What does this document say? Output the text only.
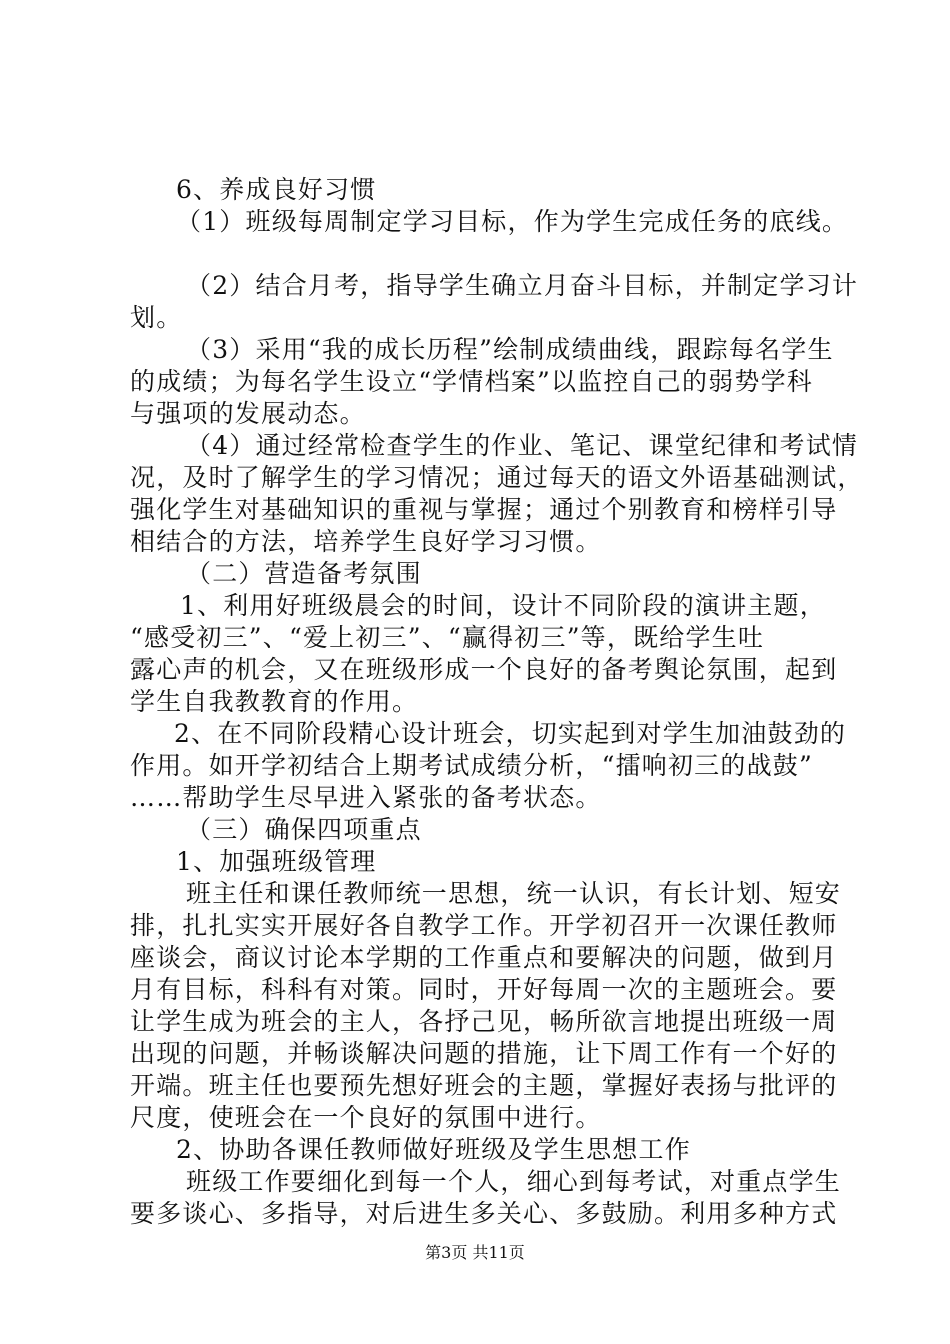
6、养成良好习惯
（1）班级每周制定学习目标，作为学生完成任务的底线。
（2）结合月考，指导学生确立月奋斗目标，并制定学习计
划。
（3）采用“我的成长历程”绘制成绩曲线，跟踪每名学生
的成绩；为每名学生设立“学情档案”以监控自己的弱势学科
与强项的发展动态。
（4）通过经常检查学生的作业、笔记、课堂纪律和考试情
况，及时了解学生的学习情况；通过每天的语文外语基础测试，
强化学生对基础知识的重视与掌握；通过个别教育和榜样引导
相结合的方法，培养学生良好学习习惯。
（二）营造备考氛围
1、利用好班级晨会的时间，设计不同阶段的演讲主题，
“感受初三”、“爱上初三”、“赢得初三”等，既给学生吐
露心声的机会，又在班级形成一个良好的备考舆论氛围，起到
学生自我教教育的作用。
2、在不同阶段精心设计班会，切实起到对学生加油鼓劲的
作用。如开学初结合上期考试成绩分析，“擂响初三的战鼓”
……帮助学生尽早进入紧张的备考状态。
（三）确保四项重点
1、加强班级管理
班主任和课任教师统一思想，统一认识，有长计划、短安
排，扎扎实实开展好各自教学工作。开学初召开一次课任教师
座谈会，商议讨论本学期的工作重点和要解决的问题，做到月
月有目标，科科有对策。同时，开好每周一次的主题班会。要
让学生成为班会的主人，各抒己见，畅所欲言地提出班级一周
出现的问题，并畅谈解决问题的措施，让下周工作有一个好的
开端。班主任也要预先想好班会的主题，掌握好表扬与批评的
尺度，使班会在一个良好的氛围中进行。
2、协助各课任教师做好班级及学生思想工作
班级工作要细化到每一个人，细心到每考试，对重点学生
要多谈心、多指导，对后进生多关心、多鼓励。利用多种方式
第3页 共11页
